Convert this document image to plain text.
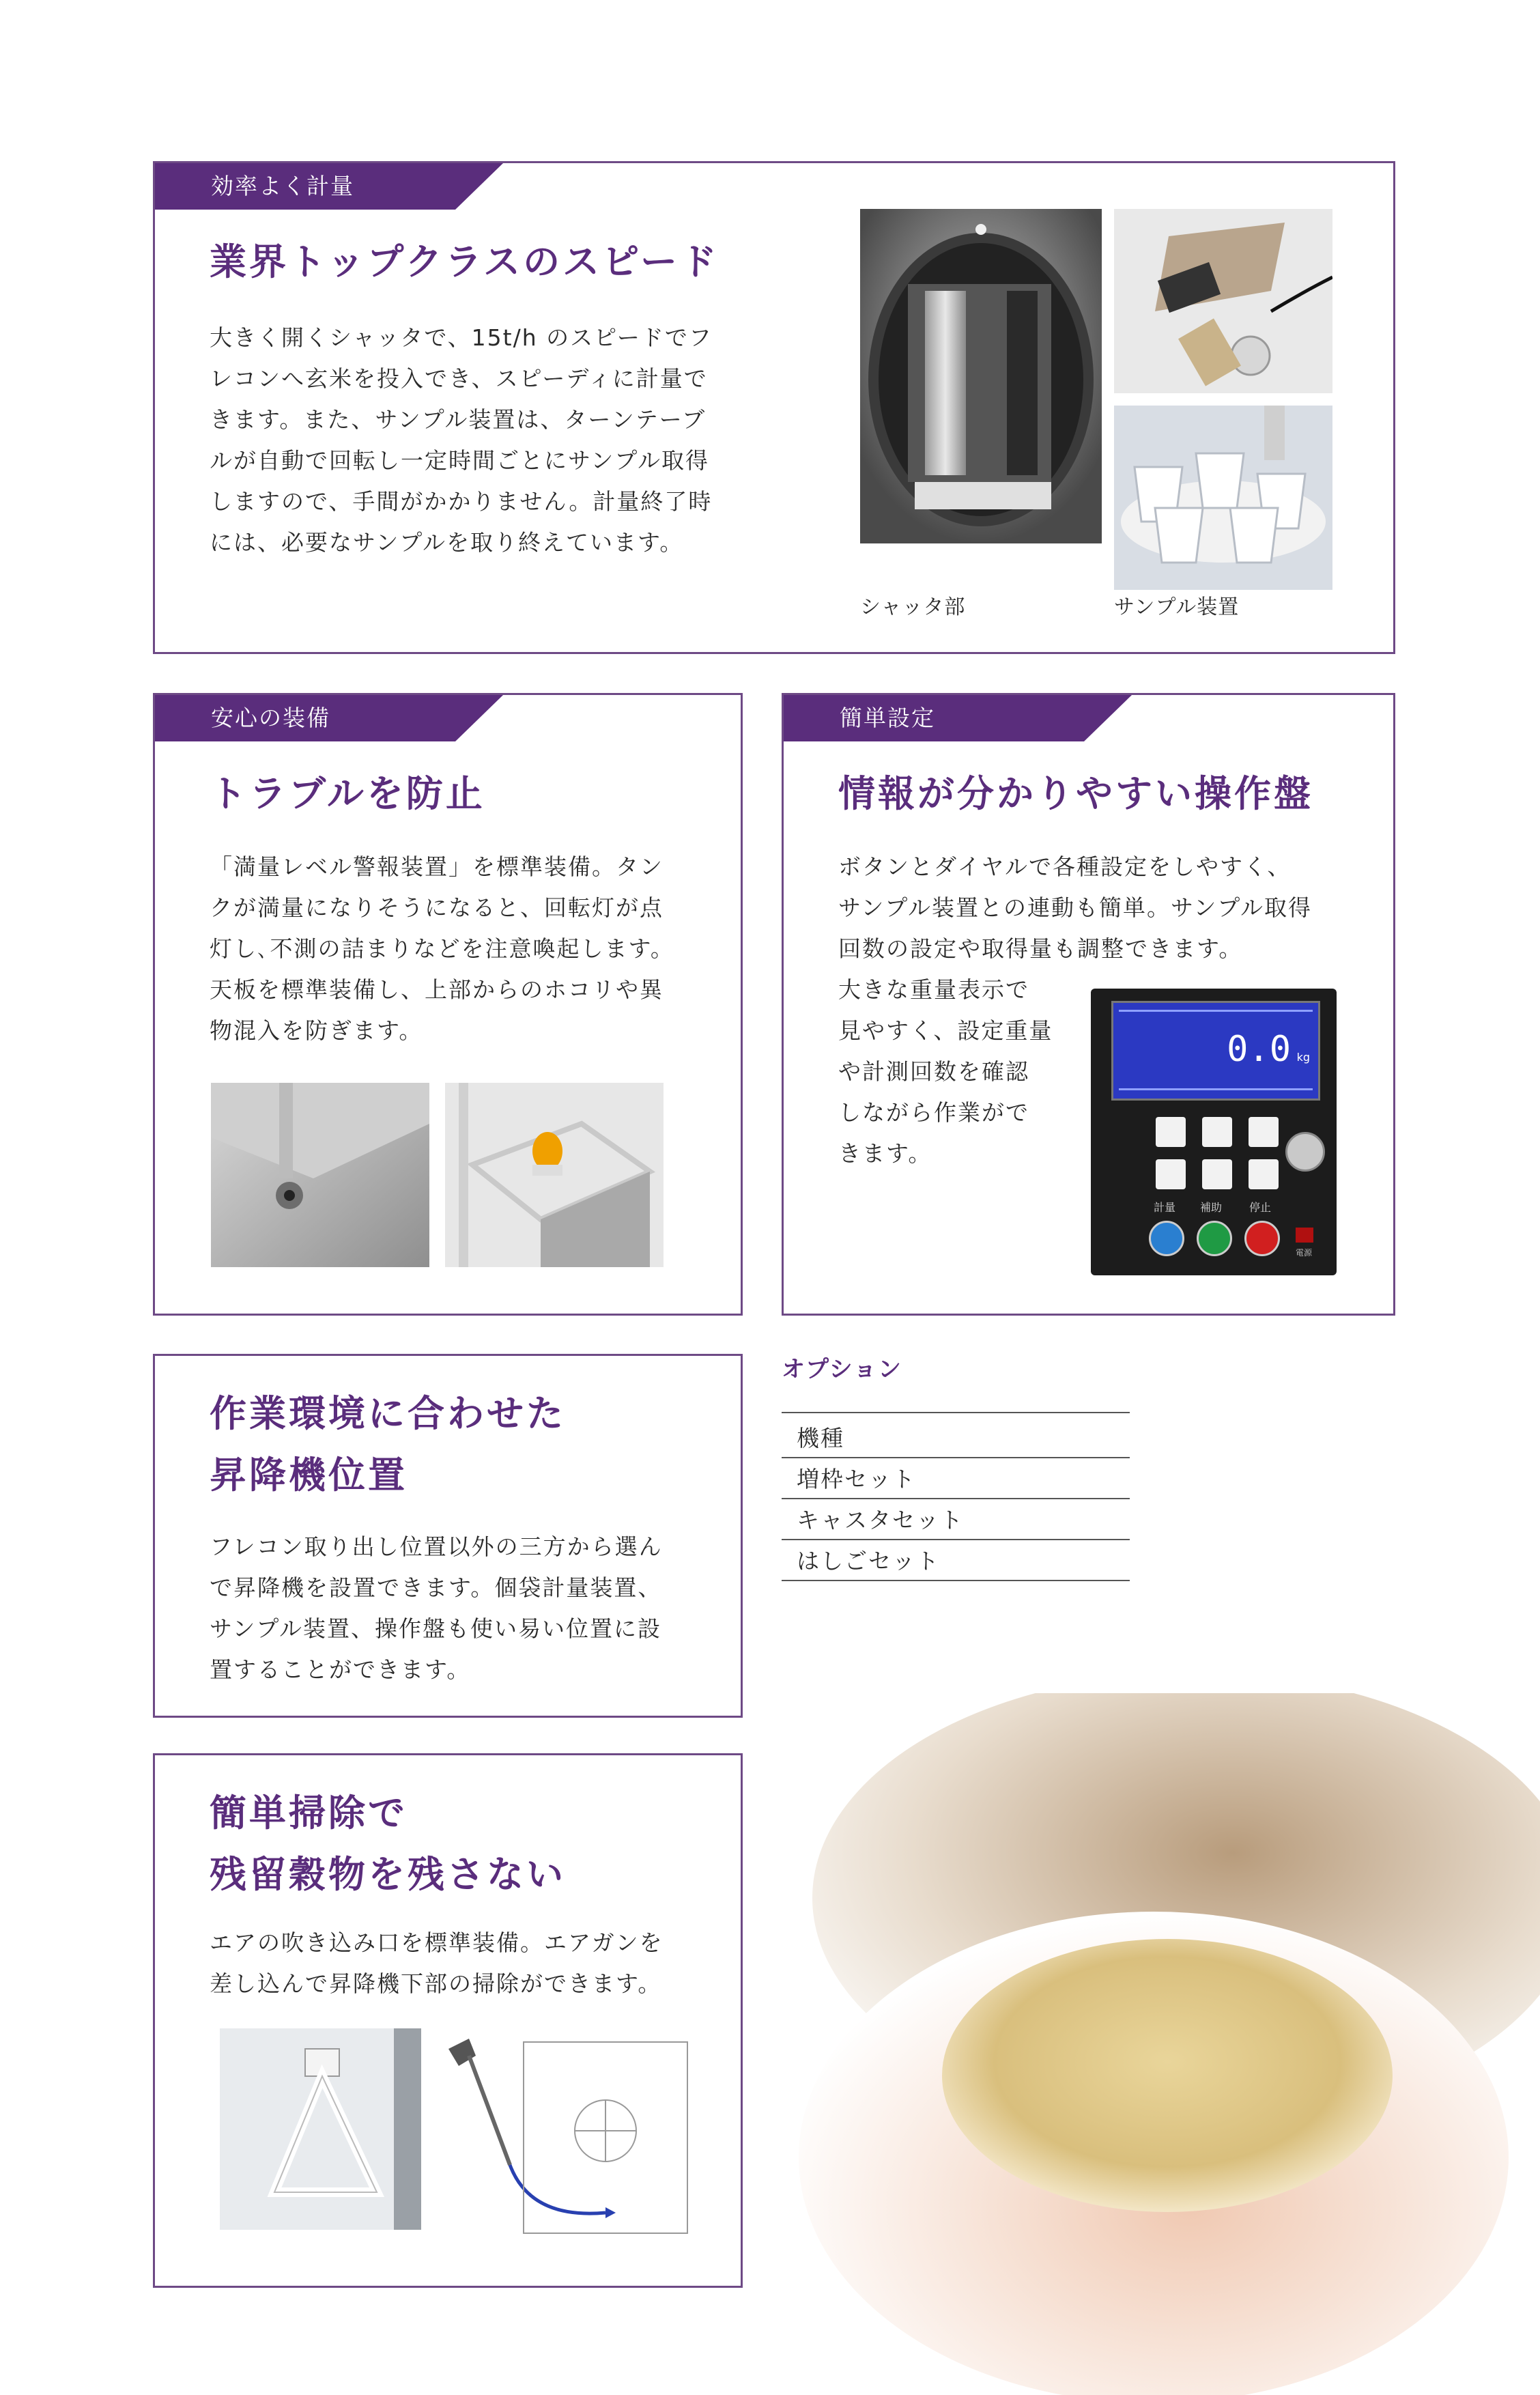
効率よく計量
業界トップクラスのスピード
大きく開くシャッタで、15t/h のスピードでフ
レコンへ玄米を投入でき、スピーディに計量で
きます。また、サンプル装置は、ターンテーブ
ルが自動で回転し一定時間ごとにサンプル取得
しますので、手間がかかりません。計量終了時
には、必要なサンプルを取り終えています。
シャッタ部	サンプル装置
安心の装備
トラブルを防止
「満量レベル警報装置」を標準装備。タン
クが満量になりそうになると、回転灯が点
灯し､不測の詰まりなどを注意喚起します。
天板を標準装備し、上部からのホコリや異
物混入を防ぎます。
簡単設定
情報が分かりやすい操作盤
ボタンとダイヤルで各種設定をしやすく、
サンプル装置との連動も簡単。サンプル取得
回数の設定や取得量も調整できます。
大きな重量表示で
見やすく、設定重量
や計測回数を確認
しながら作業がで
きます。
0.0 kg
計量 補助 停止
電源
作業環境に合わせた
昇降機位置
フレコン取り出し位置以外の三方から選ん
で昇降機を設置できます。個袋計量装置、
サンプル装置、操作盤も使い易い位置に設
置することができます。
オプション
機種
増枠セット
キャスタセット
はしごセット
簡単掃除で
残留穀物を残さない
エアの吹き込み口を標準装備。エアガンを
差し込んで昇降機下部の掃除ができます。
